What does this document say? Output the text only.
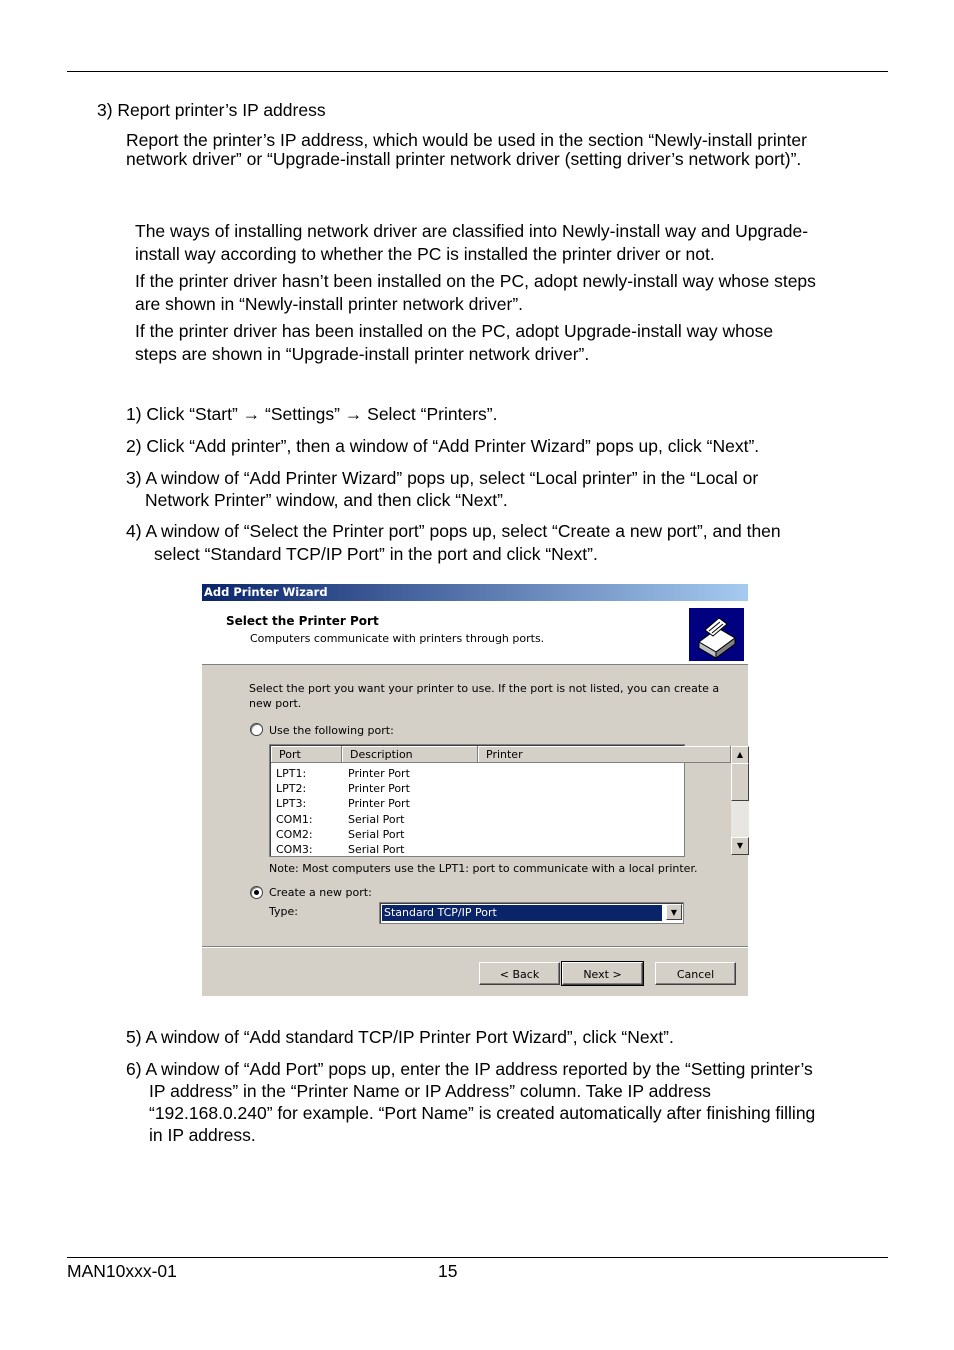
3) Report printer’s IP address
Report the printer’s IP address, which would be used in the section “Newly-install printer
network driver” or “Upgrade-install printer network driver (setting driver’s network port)”.
The ways of installing network driver are classified into Newly-install way and Upgrade-
install way according to whether the PC is installed the printer driver or not.
If the printer driver hasn’t been installed on the PC, adopt newly-install way whose steps
are shown in “Newly-install printer network driver”.
If the printer driver has been installed on the PC, adopt Upgrade-install way whose
steps are shown in “Upgrade-install printer network driver”.
1) Click “Start” → “Settings” → Select “Printers”.
2) Click “Add printer”, then a window of “Add Printer Wizard” pops up, click “Next”.
3) A window of “Add Printer Wizard” pops up, select “Local printer” in the “Local or
Network Printer” window, and then click “Next”.
4) A window of “Select the Printer port” pops up, select “Create a new port”, and then
select “Standard TCP/IP Port” in the port and click “Next”.
Add Printer Wizard
Select the Printer Port
Computers communicate with printers through ports.
Select the port you want your printer to use. If the port is not listed, you can create a
new port.
Use the following port:
Port	Description	Printer
LPT1:	Printer Port
LPT2:	Printer Port
LPT3:	Printer Port
COM1:	Serial Port
COM2:	Serial Port
COM3:	Serial Port
▲
▼
Note: Most computers use the LPT1: port to communicate with a local printer.
Create a new port:
Type:	Standard TCP/IP Port	▼
< Back	Next >	Cancel
5) A window of “Add standard TCP/IP Printer Port Wizard”, click “Next”.
6) A window of “Add Port” pops up, enter the IP address reported by the “Setting printer’s
IP address” in the “Printer Name or IP Address” column. Take IP address
“192.168.0.240” for example. “Port Name” is created automatically after finishing filling
in IP address.
MAN10xxx-01	15
